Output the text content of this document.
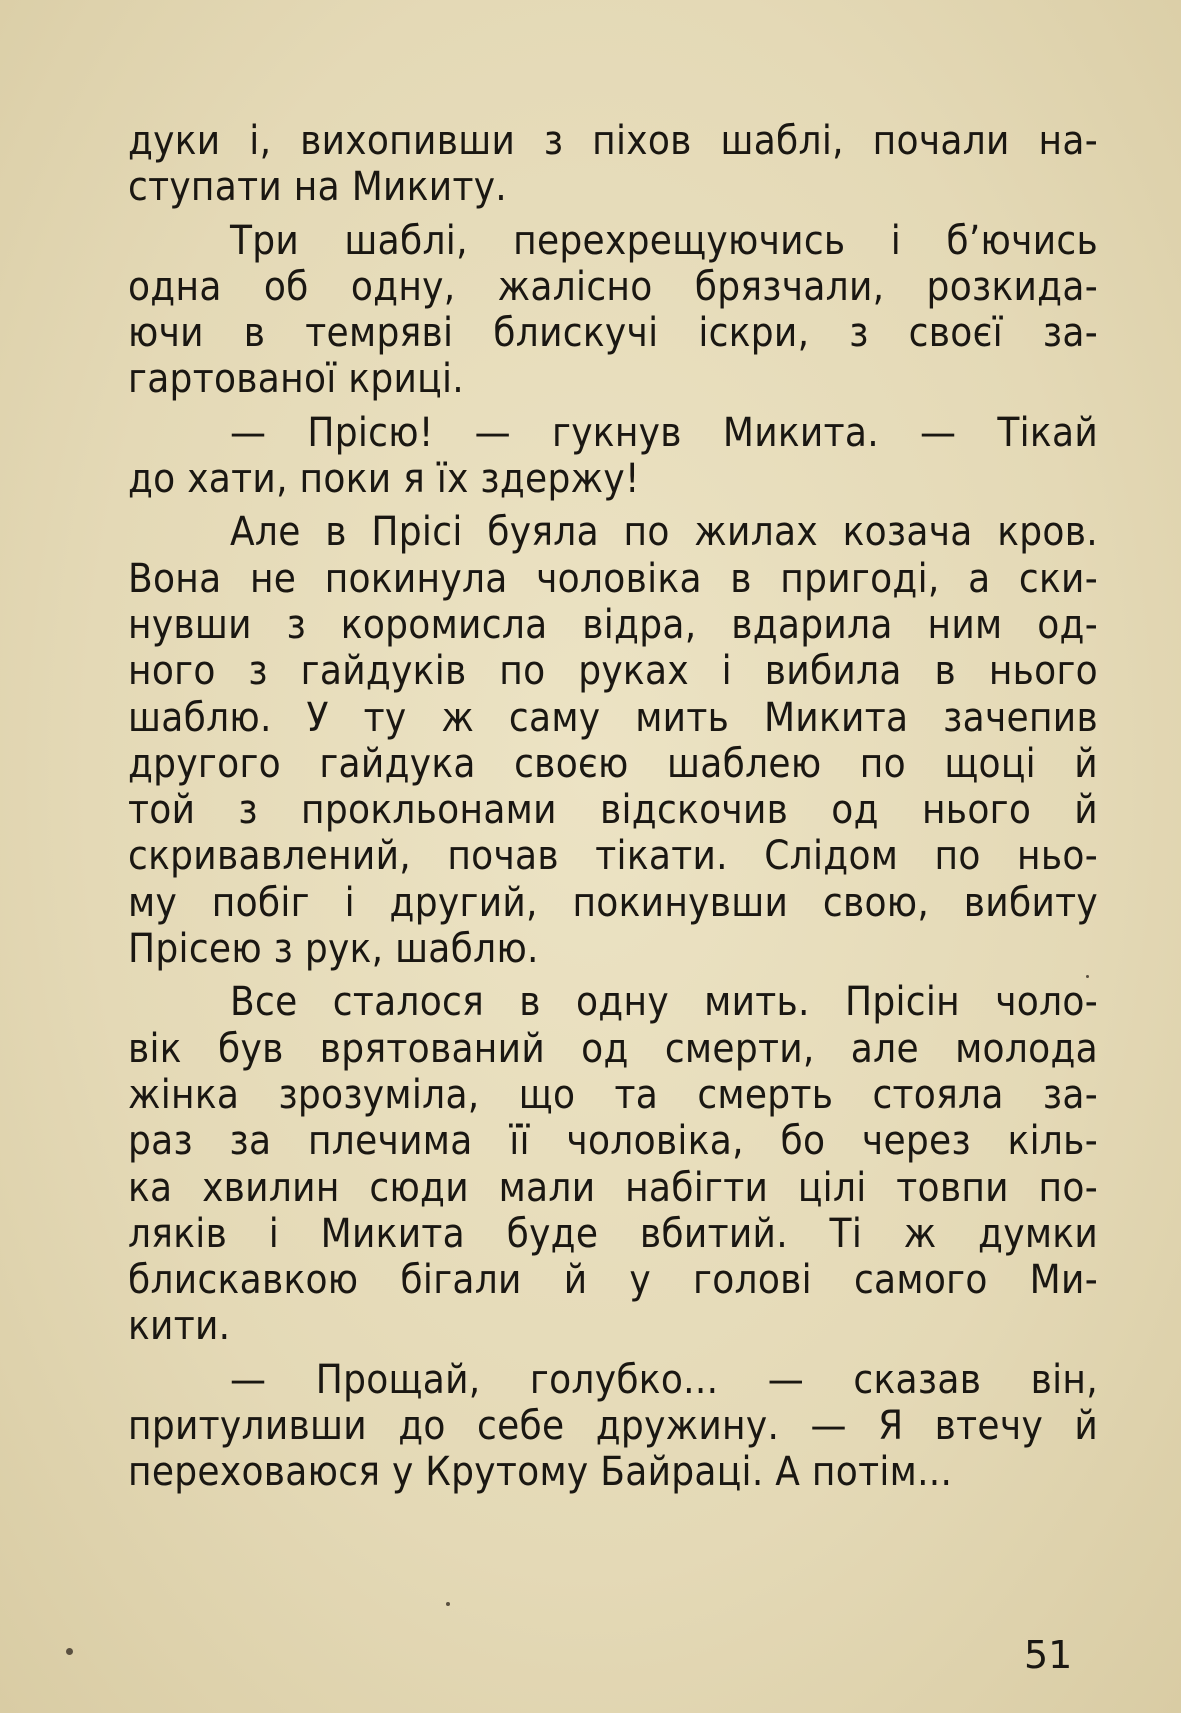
дуки і, вихопивши з піхов шаблі, почали на-
ступати на Микиту.
Три шаблі, перехрещуючись і б’ючись
одна об одну, жалісно брязчали, розкида-
ючи в темряві блискучі іскри, з своєї за-
гартованої криці.
— Прісю! — гукнув Микита. — Тікай
до хати, поки я їх здержу!
Але в Прісі буяла по жилах козача кров.
Вона не покинула чоловіка в пригоді, а ски-
нувши з коромисла відра, вдарила ним од-
ного з гайдуків по руках і вибила в нього
шаблю. У ту ж саму мить Микита зачепив
другого гайдука своєю шаблею по щоці й
той з прокльонами відскочив од нього й
скривавлений, почав тікати. Слідом по ньо-
му побіг і другий, покинувши свою, вибиту
Прісею з рук, шаблю.
Все сталося в одну мить. Прісін чоло-
вік був врятований од смерти, але молода
жінка зрозуміла, що та смерть стояла за-
раз за плечима її чоловіка, бо через кіль-
ка хвилин сюди мали набігти цілі товпи по-
ляків і Микита буде вбитий. Ті ж думки
блискавкою бігали й у голові самого Ми-
кити.
— Прощай, голубко... — сказав він,
притуливши до себе дружину. — Я втечу й
переховаюся у Крутому Байраці. А потім...
51
